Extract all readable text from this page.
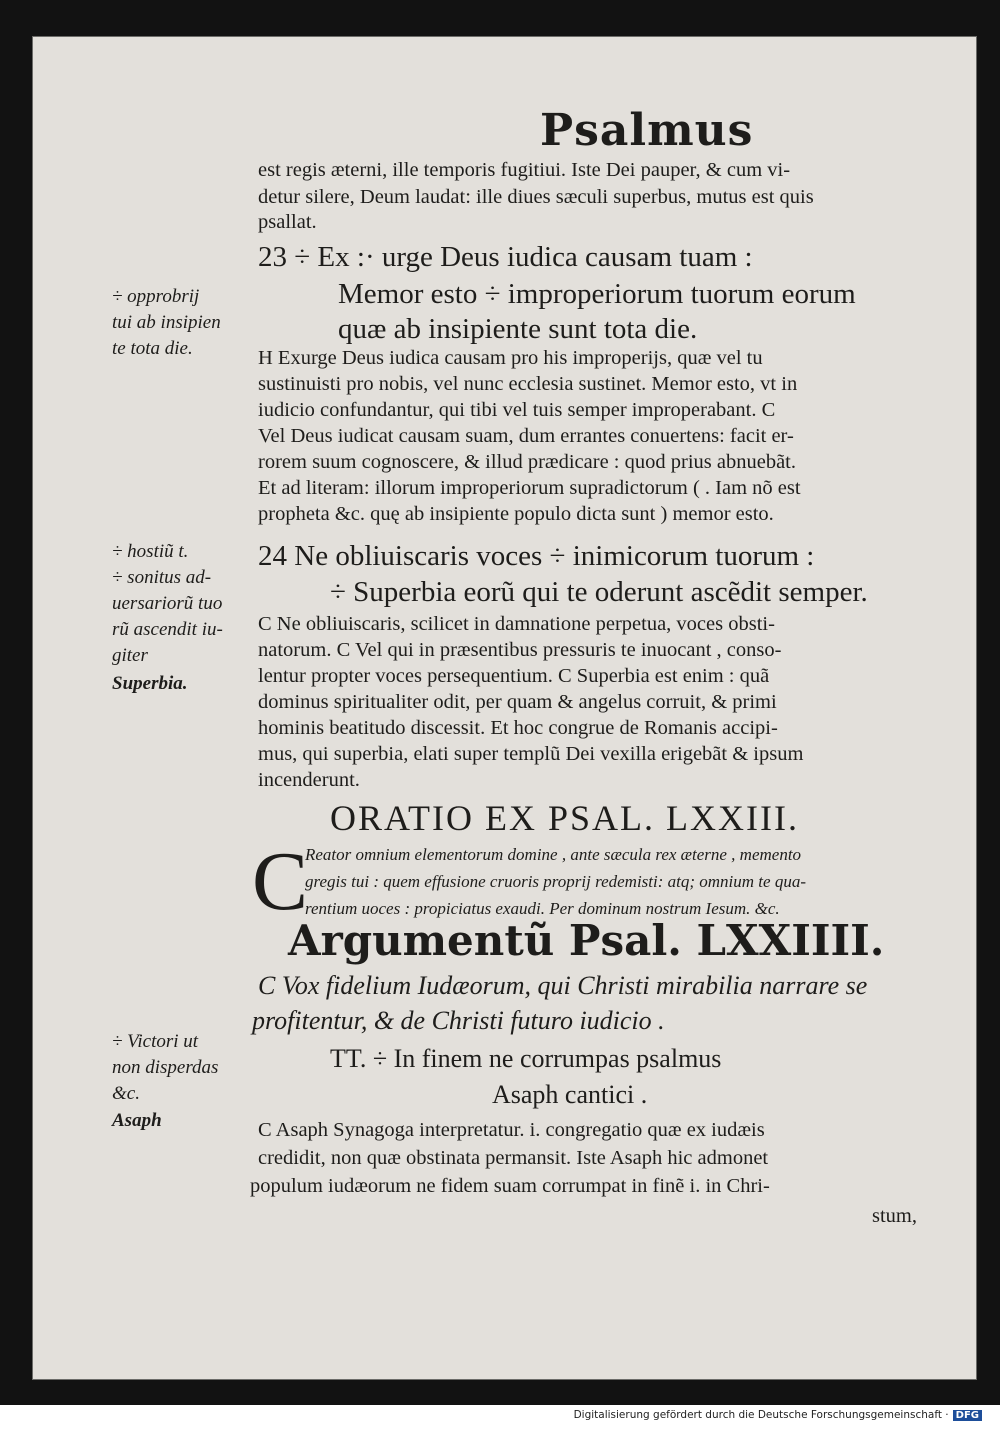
Psalmus
est regis æterni, ille temporis fugitiui. Iste Dei pauper, & cum vi-
detur silere, Deum laudat: ille diues sæculi superbus, mutus est quis
psallat.
23 ÷ Ex :· urge Deus iudica causam tuam :
Memor esto ÷ improperiorum tuorum eorum
quæ ab insipiente sunt tota die.
H Exurge Deus iudica causam pro his improperijs, quæ vel tu
sustinuisti pro nobis, vel nunc ecclesia sustinet. Memor esto, vt in
iudicio confundantur, qui tibi vel tuis semper improperabant. C
Vel Deus iudicat causam suam, dum errantes conuertens: facit er-
rorem suum cognoscere, & illud prædicare : quod prius abnuebãt.
Et ad literam: illorum improperiorum supradictorum ( . Iam nõ est
propheta &c. quę ab insipiente populo dicta sunt ) memor esto.
24 Ne obliuiscaris voces ÷ inimicorum tuorum :
÷ Superbia eorũ qui te oderunt ascẽdit semper.
C Ne obliuiscaris, scilicet in damnatione perpetua, voces obsti-
natorum. C Vel qui in præsentibus pressuris te inuocant , conso-
lentur propter voces persequentium. C Superbia est enim : quã
dominus spiritualiter odit, per quam & angelus corruit, & primi
hominis beatitudo discessit. Et hoc congrue de Romanis accipi-
mus, qui superbia, elati super templũ Dei vexilla erigebãt & ipsum
incenderunt.
ORATIO EX PSAL. LXXIII.
C
Reator omnium elementorum domine , ante sæcula rex æterne , memento
gregis tui : quem effusione cruoris proprij redemisti: atq; omnium te qua-
rentium uoces : propiciatus exaudi. Per dominum nostrum Iesum. &c.
Argumentũ Psal. LXXIIII.
C Vox fidelium Iudæorum, qui Christi mirabilia narrare se
profitentur, & de Christi futuro iudicio .
TT. ÷ In finem ne corrumpas psalmus
Asaph cantici .
C Asaph Synagoga interpretatur. i. congregatio quæ ex iudæis
credidit, non quæ obstinata permansit. Iste Asaph hic admonet
populum iudæorum ne fidem suam corrumpat in finẽ i. in Chri-
stum,
÷ opprobrij
tui ab insipien
te tota die.
÷ hostiũ t.
÷ sonitus ad-
uersariorũ tuo
rũ ascendit iu-
giter
Superbia.
÷ Victori ut
non disperdas
&c.
Asaph
Digitalisierung gefördert durch die Deutsche Forschungsgemeinschaft · DFG
